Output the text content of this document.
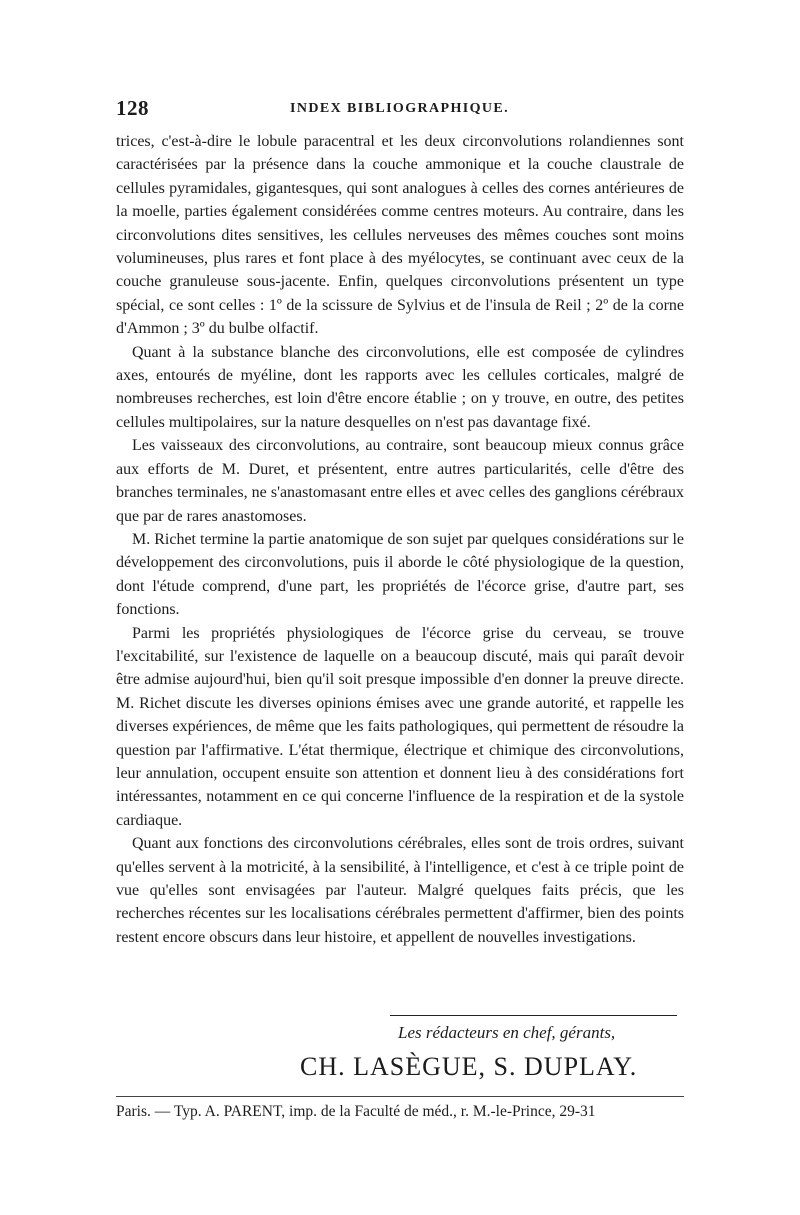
128	INDEX BIBLIOGRAPHIQUE.

trices, c'est-à-dire le lobule paracentral et les deux circonvolutions rolandiennes sont caractérisées par la présence dans la couche ammonique et la couche claustrale de cellules pyramidales, gigantesques, qui sont analogues à celles des cornes antérieures de la moelle, parties également considérées comme centres moteurs. Au contraire, dans les circonvolutions dites sensitives, les cellules nerveuses des mêmes couches sont moins volumineuses, plus rares et font place à des myélocytes, se continuant avec ceux de la couche granuleuse sous-jacente. Enfin, quelques circonvolutions présentent un type spécial, ce sont celles : 1º de la scissure de Sylvius et de l'insula de Reil ; 2º de la corne d'Ammon ; 3º du bulbe olfactif.

Quant à la substance blanche des circonvolutions, elle est composée de cylindres axes, entourés de myéline, dont les rapports avec les cellules corticales, malgré de nombreuses recherches, est loin d'être encore établie ; on y trouve, en outre, des petites cellules multipolaires, sur la nature desquelles on n'est pas davantage fixé.

Les vaisseaux des circonvolutions, au contraire, sont beaucoup mieux connus grâce aux efforts de M. Duret, et présentent, entre autres particularités, celle d'être des branches terminales, ne s'anastomasant entre elles et avec celles des ganglions cérébraux que par de rares anastomoses.

M. Richet termine la partie anatomique de son sujet par quelques considérations sur le développement des circonvolutions, puis il aborde le côté physiologique de la question, dont l'étude comprend, d'une part, les propriétés de l'écorce grise, d'autre part, ses fonctions.

Parmi les propriétés physiologiques de l'écorce grise du cerveau, se trouve l'excitabilité, sur l'existence de laquelle on a beaucoup discuté, mais qui paraît devoir être admise aujourd'hui, bien qu'il soit presque impossible d'en donner la preuve directe. M. Richet discute les diverses opinions émises avec une grande autorité, et rappelle les diverses expériences, de même que les faits pathologiques, qui permettent de résoudre la question par l'affirmative. L'état thermique, électrique et chimique des circonvolutions, leur annulation, occupent ensuite son attention et donnent lieu à des considérations fort intéressantes, notamment en ce qui concerne l'influence de la respiration et de la systole cardiaque.

Quant aux fonctions des circonvolutions cérébrales, elles sont de trois ordres, suivant qu'elles servent à la motricité, à la sensibilité, à l'intelligence, et c'est à ce triple point de vue qu'elles sont envisagées par l'auteur. Malgré quelques faits précis, que les recherches récentes sur les localisations cérébrales permettent d'affirmer, bien des points restent encore obscurs dans leur histoire, et appellent de nouvelles investigations.

Les rédacteurs en chef, gérants,
CH. LASÈGUE, S. DUPLAY.
Paris. — Typ. A. PARENT, imp. de la Faculté de méd., r. M.-le-Prince, 29-31
